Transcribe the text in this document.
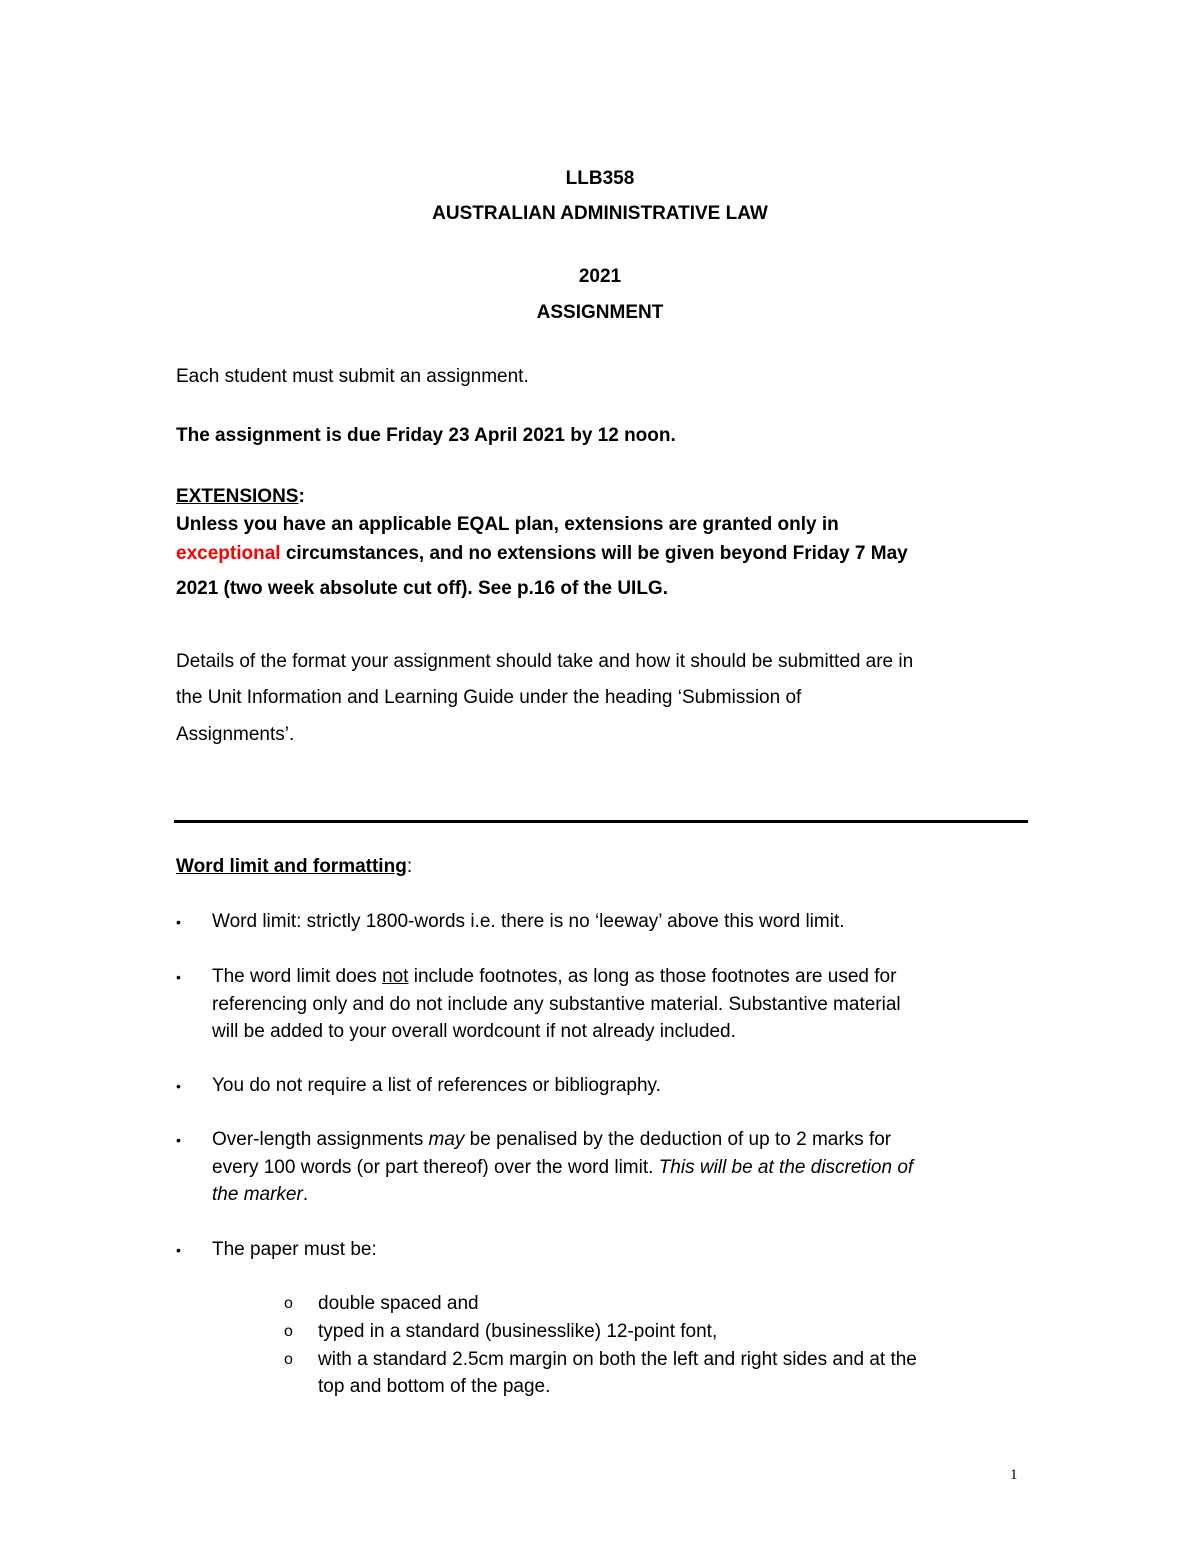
LLB358
AUSTRALIAN ADMINISTRATIVE LAW
2021
ASSIGNMENT
Each student must submit an assignment.
The assignment is due Friday 23 April 2021 by 12 noon.
EXTENSIONS:
Unless you have an applicable EQAL plan, extensions are granted only in
exceptional circumstances, and no extensions will be given beyond Friday 7 May
2021 (two week absolute cut off). See p.16 of the UILG.
Details of the format your assignment should take and how it should be submitted are in
the Unit Information and Learning Guide under the heading ‘Submission of
Assignments’.
Word limit and formatting:
• Word limit: strictly 1800-words i.e. there is no ‘leeway’ above this word limit.
• The word limit does not include footnotes, as long as those footnotes are used for
referencing only and do not include any substantive material. Substantive material
will be added to your overall wordcount if not already included.
• You do not require a list of references or bibliography.
• Over-length assignments may be penalised by the deduction of up to 2 marks for
every 100 words (or part thereof) over the word limit. This will be at the discretion of
the marker.
• The paper must be:
o double spaced and
o typed in a standard (businesslike) 12-point font,
o with a standard 2.5cm margin on both the left and right sides and at the
top and bottom of the page.
1
